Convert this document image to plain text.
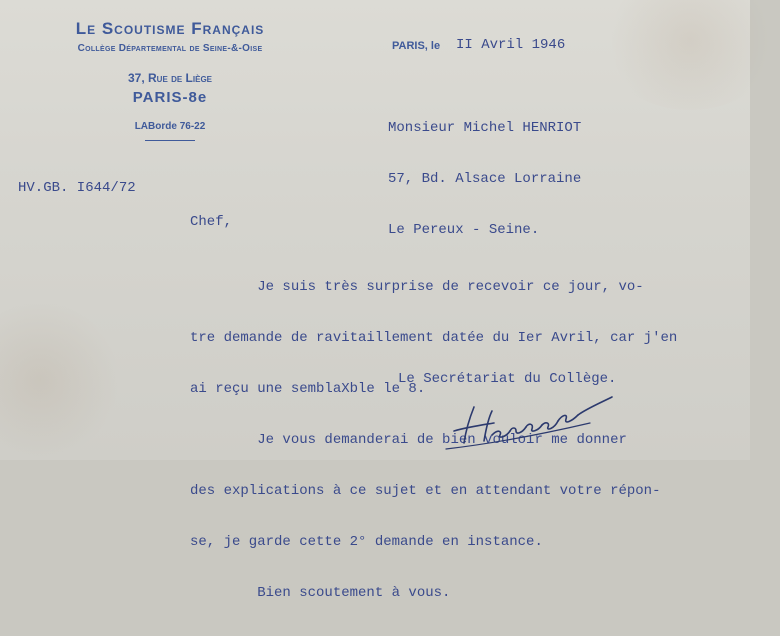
Le Scoutisme Français
Collège Départemental de Seine-&-Oise
37, Rue de Liège
PARIS-8e
LABorde 76-22
PARIS, le II Avril 1946

Monsieur Michel HENRIOT

57, Bd. Alsace Lorraine

Le Pereux - Seine.

HV.GB. I644/72
Chef,

Je suis très surprise de recevoir ce jour, vo-

tre demande de ravitaillement datée du Ier Avril, car j'en

ai reçu une semblaXble le 8.

Je vous demanderai de bien vouloir me donner

des explications à ce sujet et en attendant votre répon-

se, je garde cette 2° demande en instance.

Bien scoutement à vous.

Le Secrétariat du Collège.
